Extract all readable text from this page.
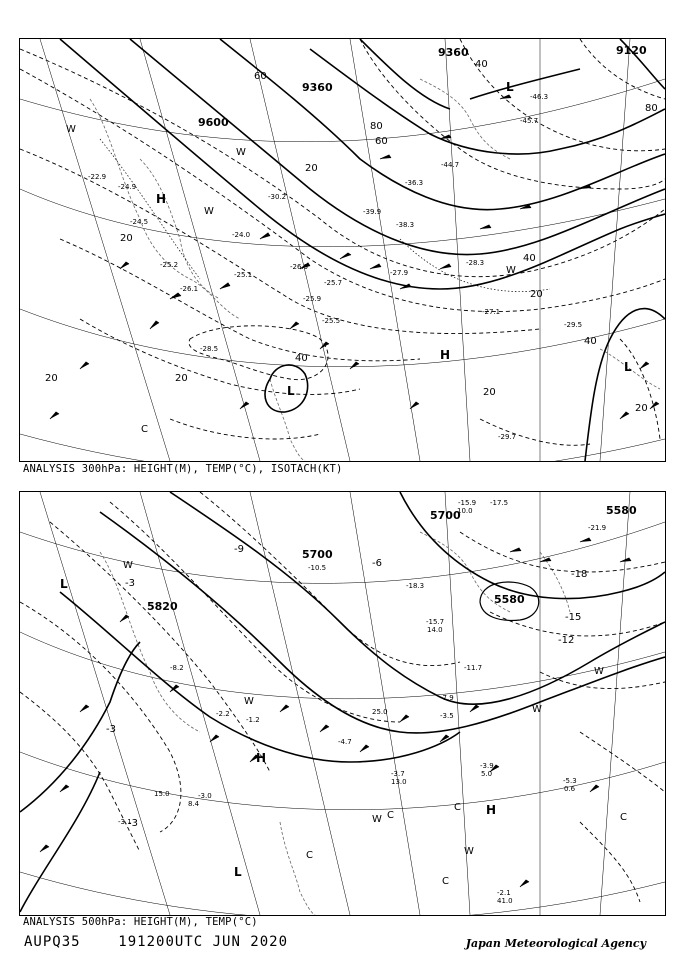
9360
9360
9600
9120
20
40
60
80
40
20
20
40
20
60
80
20
40
20
20
H
H
L
L
L
C
W
W
W
W
-24.9
-24.0
-25.1
-25.2
-26.1
-27.1
-28.5
-29.5
-29.7
-25.9
-25.5
-26.9
-25.7
-28.3
-27.9
-38.3
-39.9
-44.7
-45.7
-46.3
-22.9
-24.5
-36.3
-30.2
ANALYSIS 300hPa: HEIGHT(M), TEMP(°C), ISOTACH(KT)
5700
5580
5700
5580
5820
-3
-3
-3
-12
-15
-18
-6
-9
L
L
H
H
C
C
C
C
C
W
W
W
W
W
W
-3.9
5.0
-3.7
13.0	-5.3
0.6
-2.1
41.0
-15.9
10.0
-17.5
-21.9
-10.5
-18.3
-15.7
14.0
-11.7
25.0
-2.2
-1.2	-3.5
-7.9
-4.7
-3.1
-8.2
-3.0
8.4
15.0
ANALYSIS 500hPa: HEIGHT(M), TEMP(°C)
AUPQ35	191200UTC JUN 2020	Japan Meteorological Agency
